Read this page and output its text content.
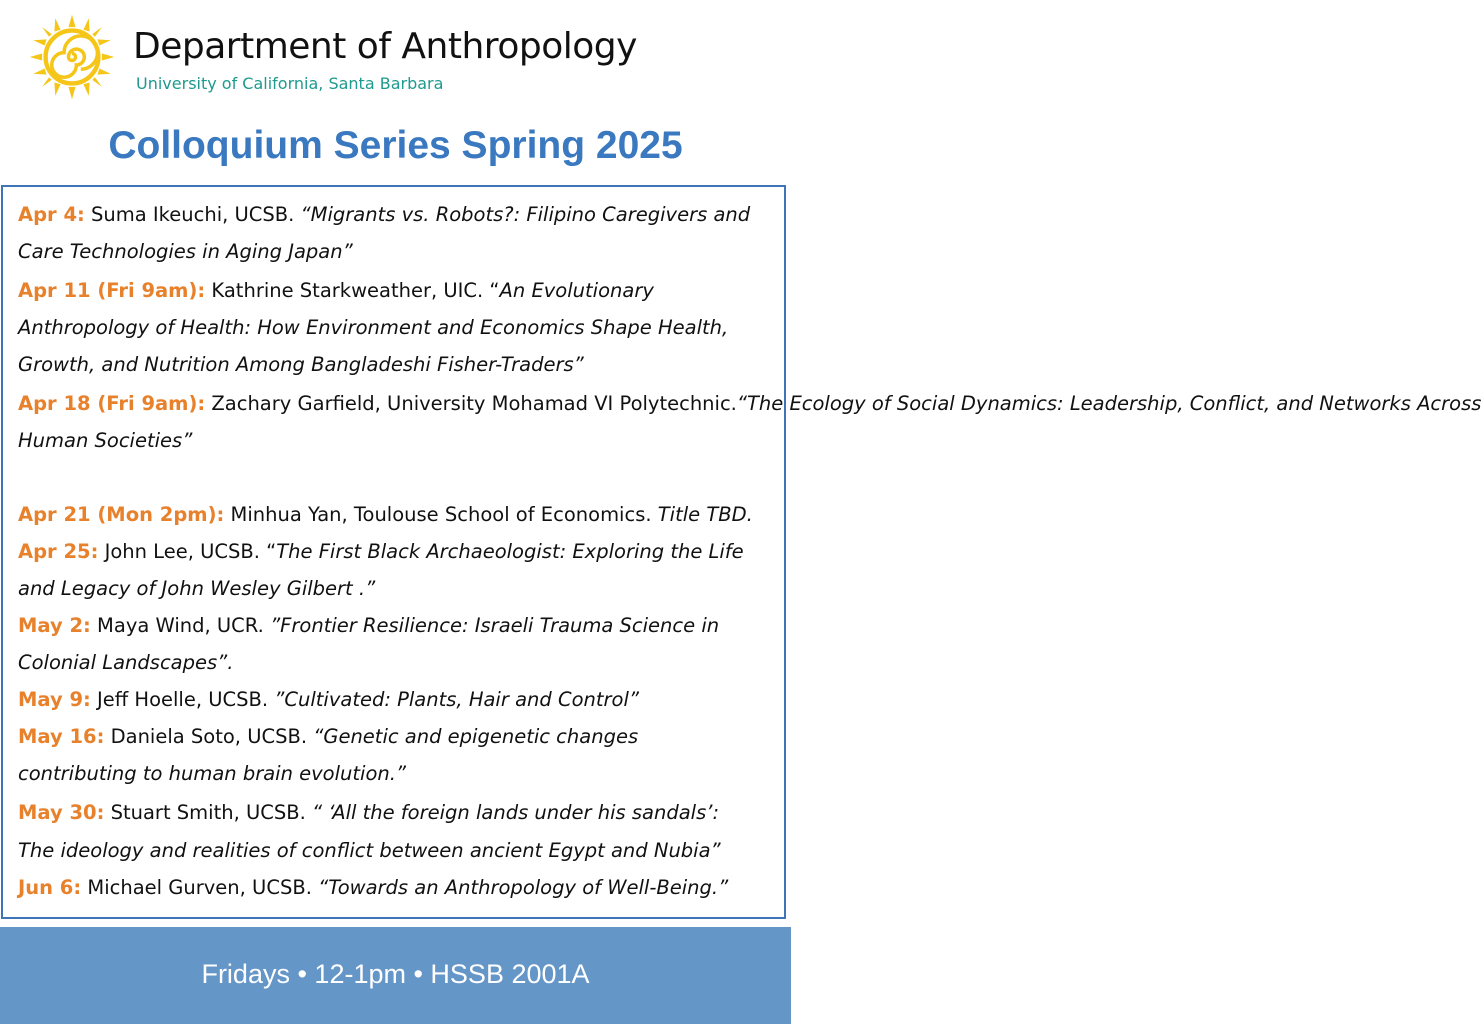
Department of Anthropology
University of California, Santa Barbara
Colloquium Series Spring 2025
Apr 4: Suma Ikeuchi, UCSB. “Migrants vs. Robots?: Filipino Caregivers and
Care Technologies in Aging Japan”
Apr 11 (Fri 9am): Kathrine Starkweather, UIC. “An Evolutionary
Anthropology of Health: How Environment and Economics Shape Health,
Growth, and Nutrition Among Bangladeshi Fisher-Traders”
Apr 18 (Fri 9am): Zachary Garfield, University Mohamad VI Polytechnic.“The Ecology of Social Dynamics: Leadership, Conflict, and Networks Across
Human Societies”
Apr 21 (Mon 2pm): Minhua Yan, Toulouse School of Economics. Title TBD.
Apr 25: John Lee, UCSB. “The First Black Archaeologist: Exploring the Life
and Legacy of John Wesley Gilbert .”
May 2: Maya Wind, UCR. ”Frontier Resilience: Israeli Trauma Science in
Colonial Landscapes”.
May 9: Jeff Hoelle, UCSB. ”Cultivated: Plants, Hair and Control”
May 16: Daniela Soto, UCSB. “Genetic and epigenetic changes
contributing to human brain evolution.”
May 30: Stuart Smith, UCSB. “ ‘All the foreign lands under his sandals’:
The ideology and realities of conflict between ancient Egypt and Nubia”
Jun 6: Michael Gurven, UCSB. “Towards an Anthropology of Well-Being.”
Fridays • 12-1pm • HSSB 2001A
